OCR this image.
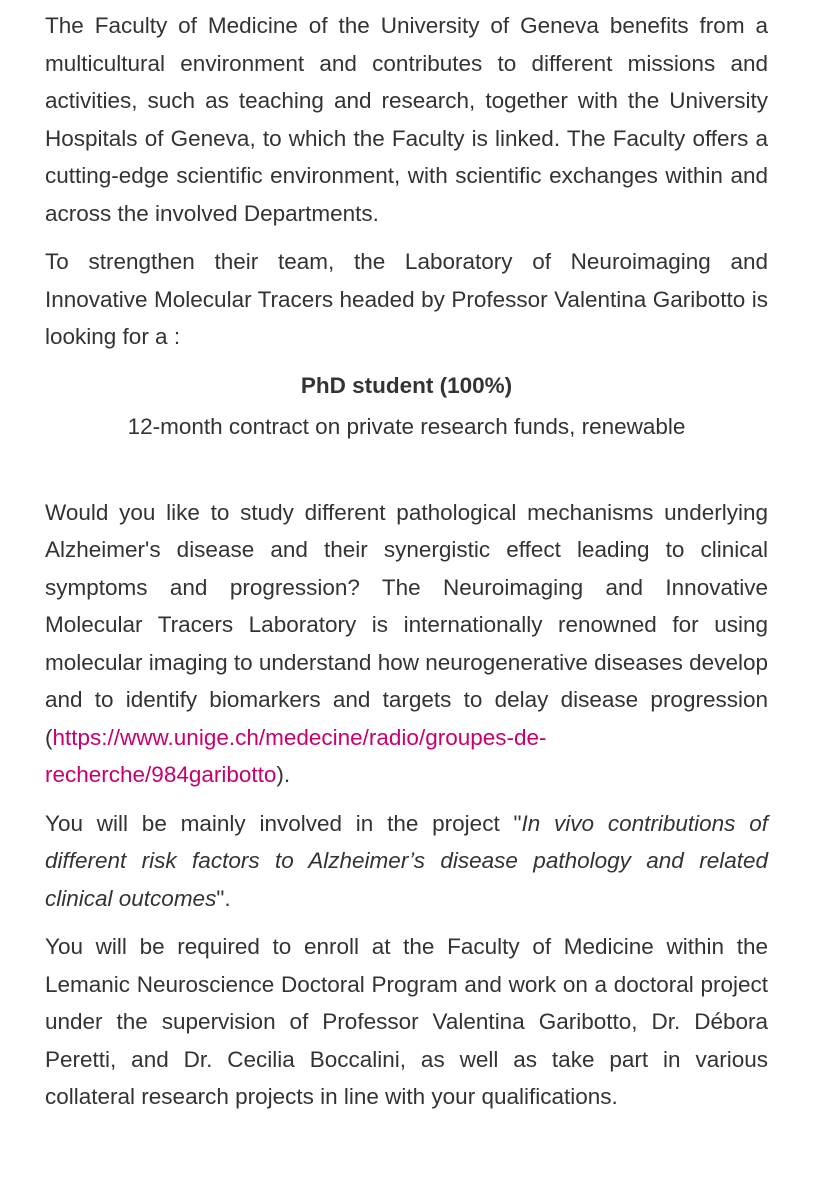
The Faculty of Medicine of the University of Geneva benefits from a multicultural environment and contributes to different missions and activities, such as teaching and research, together with the University Hospitals of Geneva, to which the Faculty is linked. The Faculty offers a cutting-edge scientific environment, with scientific exchanges within and across the involved Departments.

To strengthen their team, the Laboratory of Neuroimaging and Innovative Molecular Tracers headed by Professor Valentina Garibotto is looking for a :

PhD student (100%)

12-month contract on private research funds, renewable

Would you like to study different pathological mechanisms underlying Alzheimer's disease and their synergistic effect leading to clinical symptoms and progression? The Neuroimaging and Innovative Molecular Tracers Laboratory is internationally renowned for using molecular imaging to understand how neurogenerative diseases develop and to identify biomarkers and targets to delay disease progression

(https://www.unige.ch/medecine/radio/groupes-de-
recherche/984garibotto).

You will be mainly involved in the project "In vivo contributions of different risk factors to Alzheimer’s disease pathology and related clinical outcomes".

You will be required to enroll at the Faculty of Medicine within the Lemanic Neuroscience Doctoral Program and work on a doctoral project under the supervision of Professor Valentina Garibotto, Dr. Débora Peretti, and Dr. Cecilia Boccalini, as well as take part in various collateral research projects in line with your qualifications.
